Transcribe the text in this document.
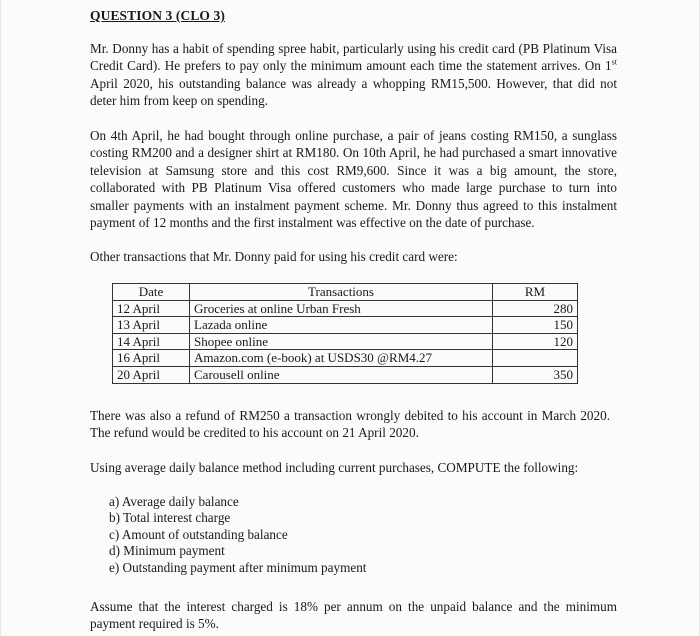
QUESTION 3 (CLO 3)

Mr. Donny has a habit of spending spree habit, particularly using his credit card (PB Platinum Visa Credit Card). He prefers to pay only the minimum amount each time the statement arrives. On 1st April 2020, his outstanding balance was already a whopping RM15,500. However, that did not deter him from keep on spending.

On 4th April, he had bought through online purchase, a pair of jeans costing RM150, a sunglass costing RM200 and a designer shirt at RM180. On 10th April, he had purchased a smart innovative television at Samsung store and this cost RM9,600. Since it was a big amount, the store, collaborated with PB Platinum Visa offered customers who made large purchase to turn into smaller payments with an instalment payment scheme. Mr. Donny thus agreed to this instalment payment of 12 months and the first instalment was effective on the date of purchase.

Other transactions that Mr. Donny paid for using his credit card were:

Date	Transactions	RM
12 April	Groceries at online Urban Fresh	280
13 April	Lazada online	150
14 April	Shopee online	120
16 April	Amazon.com (e-book) at USDS30 @RM4.27	
20 April	Carousell online	350

There was also a refund of RM250 a transaction wrongly debited to his account in March 2020. The refund would be credited to his account on 21 April 2020.

Using average daily balance method including current purchases, COMPUTE the following:

a) Average daily balance
b) Total interest charge
c) Amount of outstanding balance
d) Minimum payment
e) Outstanding payment after minimum payment

Assume that the interest charged is 18% per annum on the unpaid balance and the minimum payment required is 5%.
